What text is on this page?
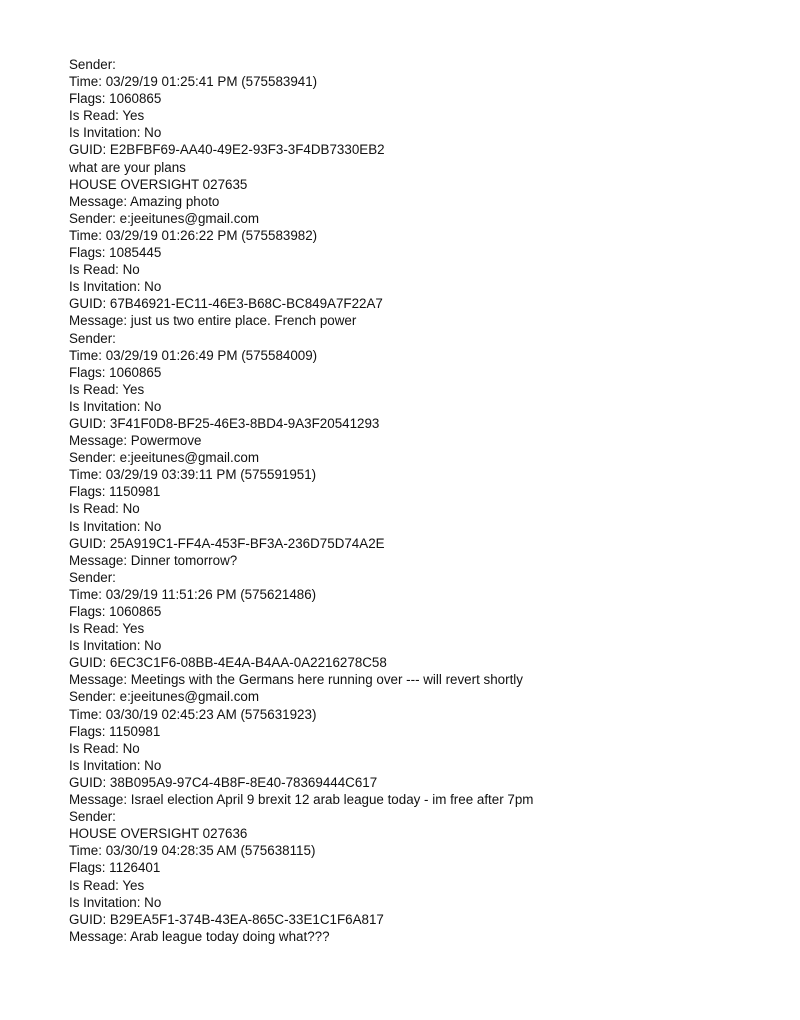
Sender:
Time: 03/29/19 01:25:41 PM (575583941)
Flags: 1060865
Is Read: Yes
Is Invitation: No
GUID: E2BFBF69-AA40-49E2-93F3-3F4DB7330EB2
what are your plans
HOUSE OVERSIGHT 027635
Message: Amazing photo
Sender: e:jeeitunes@gmail.com
Time: 03/29/19 01:26:22 PM (575583982)
Flags: 1085445
Is Read: No
Is Invitation: No
GUID: 67B46921-EC11-46E3-B68C-BC849A7F22A7
Message: just us two entire place. French power
Sender:
Time: 03/29/19 01:26:49 PM (575584009)
Flags: 1060865
Is Read: Yes
Is Invitation: No
GUID: 3F41F0D8-BF25-46E3-8BD4-9A3F20541293
Message: Powermove
Sender: e:jeeitunes@gmail.com
Time: 03/29/19 03:39:11 PM (575591951)
Flags: 1150981
Is Read: No
Is Invitation: No
GUID: 25A919C1-FF4A-453F-BF3A-236D75D74A2E
Message: Dinner tomorrow?
Sender:
Time: 03/29/19 11:51:26 PM (575621486)
Flags: 1060865
Is Read: Yes
Is Invitation: No
GUID: 6EC3C1F6-08BB-4E4A-B4AA-0A2216278C58
Message: Meetings with the Germans here running over --- will revert shortly
Sender: e:jeeitunes@gmail.com
Time: 03/30/19 02:45:23 AM (575631923)
Flags: 1150981
Is Read: No
Is Invitation: No
GUID: 38B095A9-97C4-4B8F-8E40-78369444C617
Message: Israel election April 9 brexit 12 arab league today - im free after 7pm
Sender:
HOUSE OVERSIGHT 027636
Time: 03/30/19 04:28:35 AM (575638115)
Flags: 1126401
Is Read: Yes
Is Invitation: No
GUID: B29EA5F1-374B-43EA-865C-33E1C1F6A817
Message: Arab league today doing what???
